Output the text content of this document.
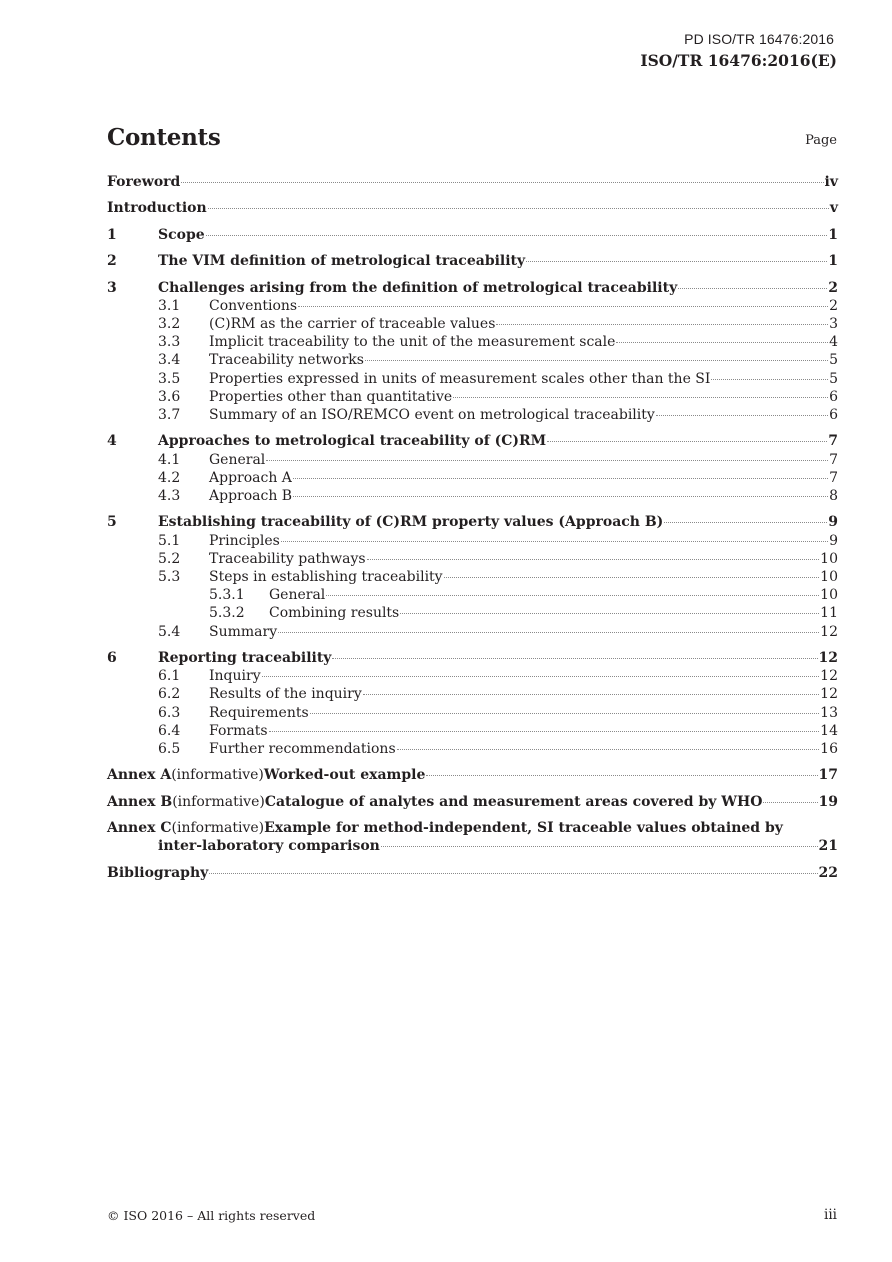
PD ISO/TR 16476:2016
ISO/TR 16476:2016(E)
Contents	Page
Foreword	iv
Introduction	v
1	Scope	1
2	The VIM definition of metrological traceability	1
3	Challenges arising from the definition of metrological traceability	2
3.1	Conventions	2
3.2	(C)RM as the carrier of traceable values	3
3.3	Implicit traceability to the unit of the measurement scale	4
3.4	Traceability networks	5
3.5	Properties expressed in units of measurement scales other than the SI	5
3.6	Properties other than quantitative	6
3.7	Summary of an ISO/REMCO event on metrological traceability	6
4	Approaches to metrological traceability of (C)RM	7
4.1	General	7
4.2	Approach A	7
4.3	Approach B	8
5	Establishing traceability of (C)RM property values (Approach B)	9
5.1	Principles	9
5.2	Traceability pathways	10
5.3	Steps in establishing traceability	10
5.3.1	General	10
5.3.2	Combining results	11
5.4	Summary	12
6	Reporting traceability	12
6.1	Inquiry	12
6.2	Results of the inquiry	12
6.3	Requirements	13
6.4	Formats	14
6.5	Further recommendations	16
Annex A (informative) Worked-out example	17
Annex B (informative) Catalogue of analytes and measurement areas covered by WHO	19
Annex C (informative) Example for method-independent, SI traceable values obtained by
inter-laboratory comparison	21
Bibliography	22
© ISO 2016 – All rights reserved	iii
